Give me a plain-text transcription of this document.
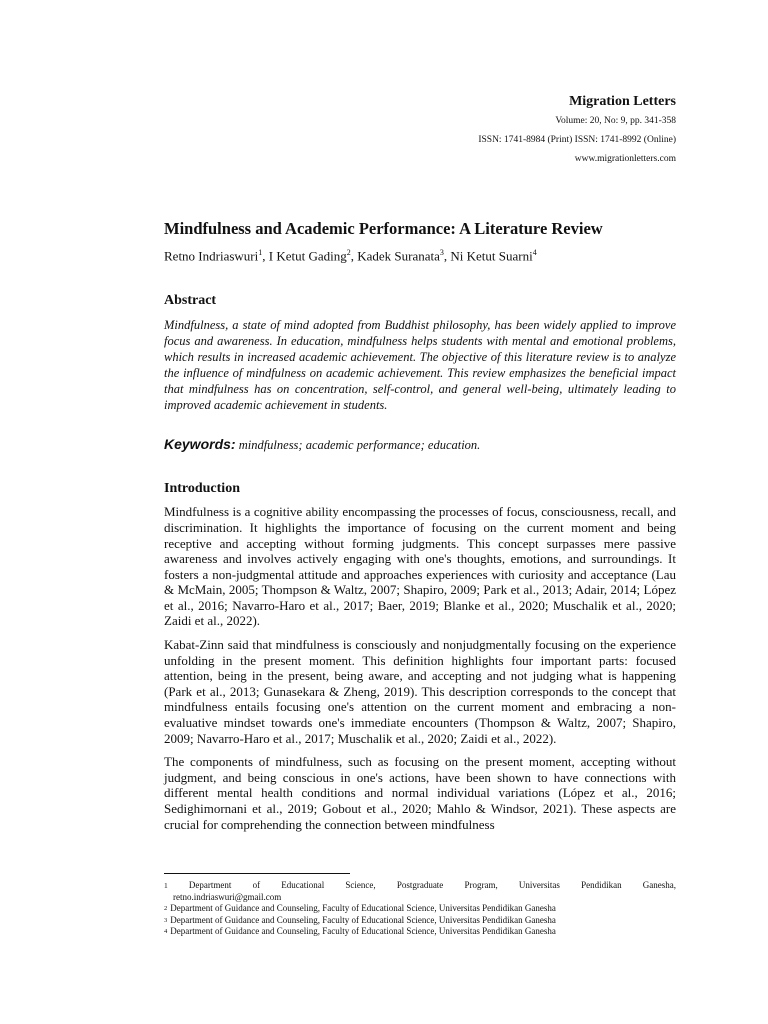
Migration Letters
Volume: 20, No: 9, pp. 341-358
ISSN: 1741-8984 (Print) ISSN: 1741-8992 (Online)
www.migrationletters.com
Mindfulness and Academic Performance: A Literature Review
Retno Indriaswuri$^1$, I Ketut Gading$^2$, Kadek Suranata$^3$, Ni Ketut Suarni$^4$
Abstract

Mindfulness, a state of mind adopted from Buddhist philosophy, has been widely applied to improve focus and awareness. In education, mindfulness helps students with mental and emotional problems, which results in increased academic achievement. The objective of this literature review is to analyze the influence of mindfulness on academic achievement. This review emphasizes the beneficial impact that mindfulness has on concentration, self-control, and general well-being, ultimately leading to improved academic achievement in students.

Keywords: mindfulness; academic performance; education.
Introduction

Mindfulness is a cognitive ability encompassing the processes of focus, consciousness, recall, and discrimination. It highlights the importance of focusing on the current moment and being receptive and accepting without forming judgments. This concept surpasses mere passive awareness and involves actively engaging with one's thoughts, emotions, and surroundings. It fosters a non-judgmental attitude and approaches experiences with curiosity and acceptance (Lau & McMain, 2005; Thompson & Waltz, 2007; Shapiro, 2009; Park et al., 2013; Adair, 2014; López et al., 2016; Navarro-Haro et al., 2017; Baer, 2019; Blanke et al., 2020; Muschalik et al., 2020; Zaidi et al., 2022).

Kabat-Zinn said that mindfulness is consciously and nonjudgmentally focusing on the experience unfolding in the present moment. This definition highlights four important parts: focused attention, being in the present, being aware, and accepting and not judging what is happening (Park et al., 2013; Gunasekara & Zheng, 2019). This description corresponds to the concept that mindfulness entails focusing one's attention on the current moment and embracing a non-evaluative mindset towards one's immediate encounters (Thompson & Waltz, 2007; Shapiro, 2009; Navarro-Haro et al., 2017; Muschalik et al., 2020; Zaidi et al., 2022).

The components of mindfulness, such as focusing on the present moment, accepting without judgment, and being conscious in one's actions, have been shown to have connections with different mental health conditions and normal individual variations (López et al., 2016; Sedighimornani et al., 2019; Gobout et al., 2020; Mahlo & Windsor, 2021). These aspects are crucial for comprehending the connection between mindfulness

1 Department of Educational Science, Postgraduate Program, Universitas Pendidikan Ganesha,
retno.indriaswuri@gmail.com
2 Department of Guidance and Counseling, Faculty of Educational Science, Universitas Pendidikan Ganesha
3 Department of Guidance and Counseling, Faculty of Educational Science, Universitas Pendidikan Ganesha
4 Department of Guidance and Counseling, Faculty of Educational Science, Universitas Pendidikan Ganesha
